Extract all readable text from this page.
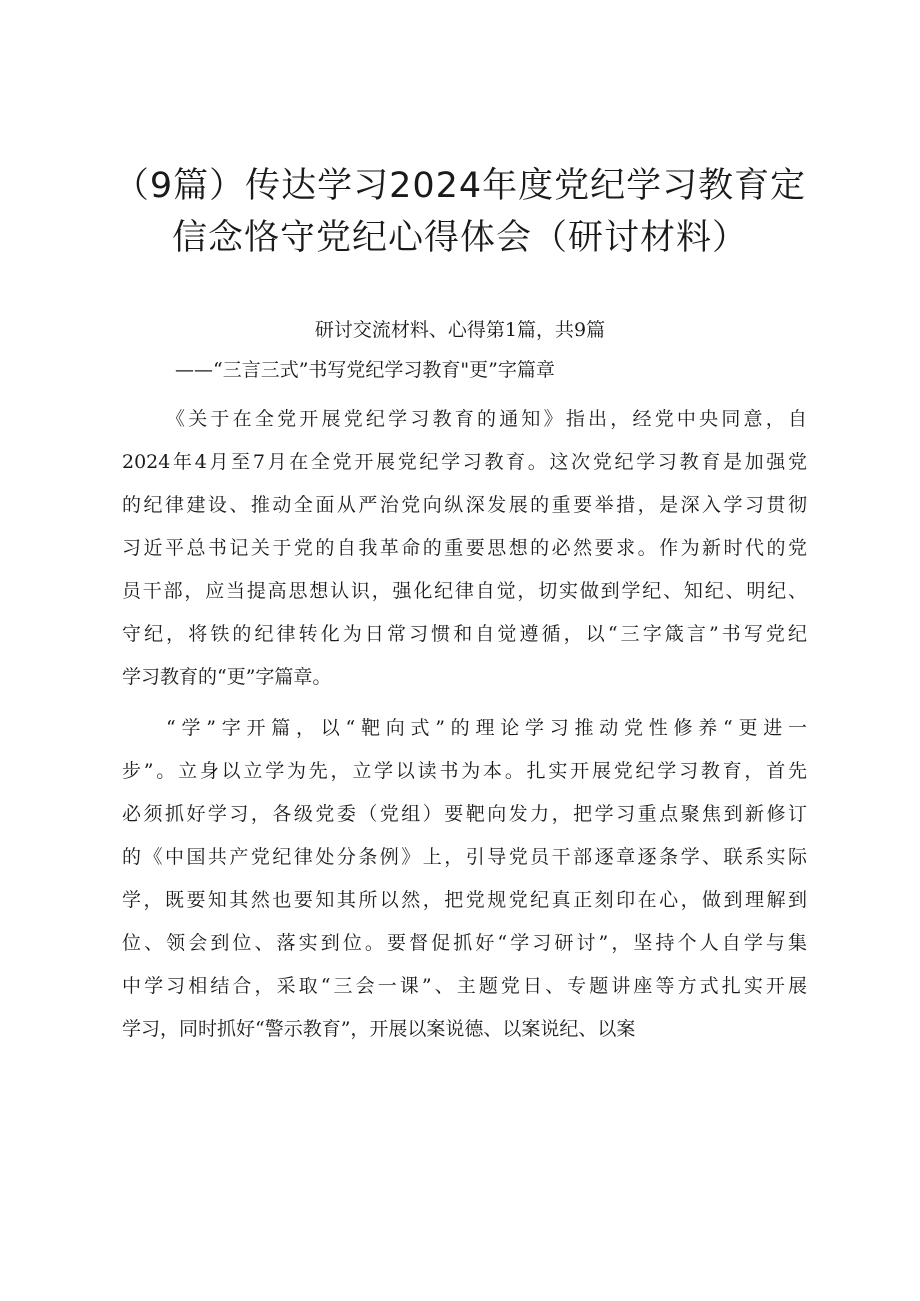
（9篇）传达学习2024年度党纪学习教育定
信念恪守党纪心得体会（研讨材料）

研讨交流材料、心得第1篇，共9篇

——“三言三式”书写党纪学习教育"更”字篇章

《关于在全党开展党纪学习教育的通知》指出，经党中央同意，自
2024年4月至7月在全党开展党纪学习教育。这次党纪学习教育是加强党
的纪律建设、推动全面从严治党向纵深发展的重要举措，是深入学习贯彻
习近平总书记关于党的自我革命的重要思想的必然要求。作为新时代的党
员干部，应当提高思想认识，强化纪律自觉，切实做到学纪、知纪、明纪、
守纪，将铁的纪律转化为日常习惯和自觉遵循，以“三字箴言”书写党纪
学习教育的“更”字篇章。
“学”字开篇，以“靶向式”的理论学习推动党性修养“更进一
步”。立身以立学为先，立学以读书为本。扎实开展党纪学习教育，首先
必须抓好学习，各级党委（党组）要靶向发力，把学习重点聚焦到新修订
的《中国共产党纪律处分条例》上，引导党员干部逐章逐条学、联系实际
学，既要知其然也要知其所以然，把党规党纪真正刻印在心，做到理解到
位、领会到位、落实到位。要督促抓好“学习研讨”，坚持个人自学与集
中学习相结合，采取“三会一课”、主题党日、专题讲座等方式扎实开展
学习，同时抓好“警示教育”，开展以案说德、以案说纪、以案
